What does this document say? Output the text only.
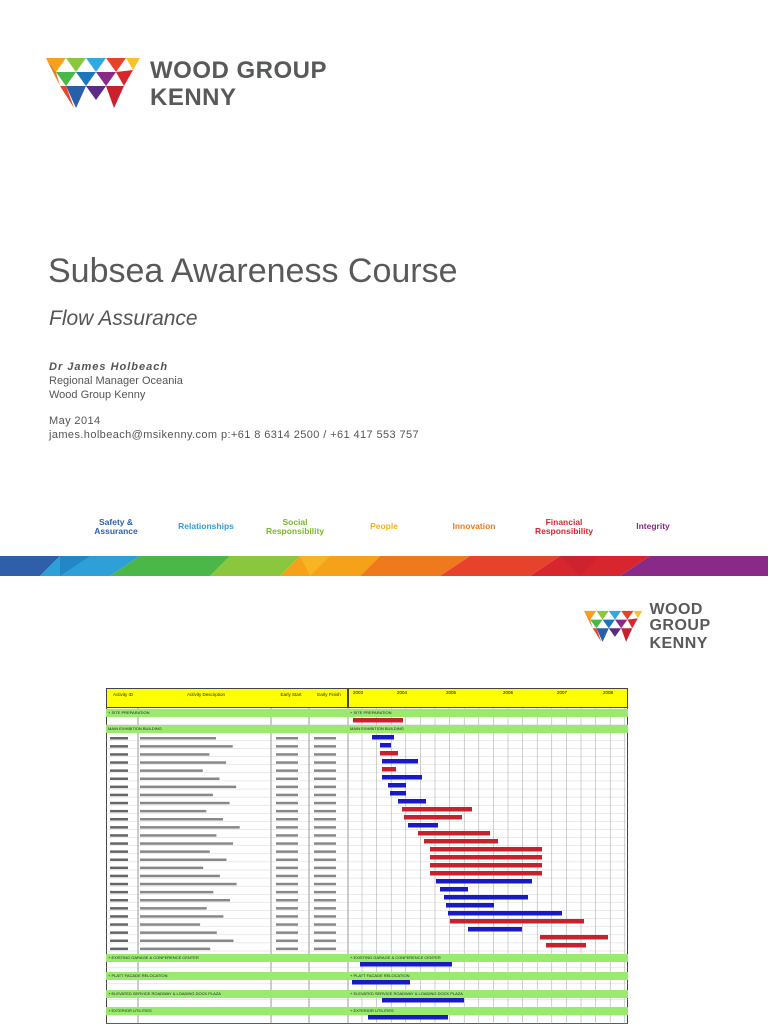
WOOD GROUP
KENNY
Subsea Awareness Course
Flow Assurance
Dr James Holbeach
Regional Manager Oceania
Wood Group Kenny
May 2014
james.holbeach@msikenny.com p:+61 8 6314 2500 / +61 417 553 757
Safety &
Assurance	Relationships	Social
Responsibility	People	Innovation	Financial
Responsibility	Integrity
WOOD GROUP
KENNY
Activity ID	Activity Description	Early Start	Early Finish	2003	2004	2005	2006	2007	2008
+ SITE PREPARATION	+ SITE PREPARATION
MAIN EXHIBITION BUILDING	MAIN EXHIBITION BUILDING
+ EXISTING GARAGE & CONFERENCE CENTER	+ EXISTING GARAGE & CONFERENCE CENTER
+ PLATT FACADE RELOCATION	+ PLATT FACADE RELOCATION
+ ELEVATED SERVICE ROADWAY & LOADING DOCK PLAZA	+ ELEVATED SERVICE ROADWAY & LOADING DOCK PLAZA
+ EXTERIOR UTILITIES	+ EXTERIOR UTILITIES
